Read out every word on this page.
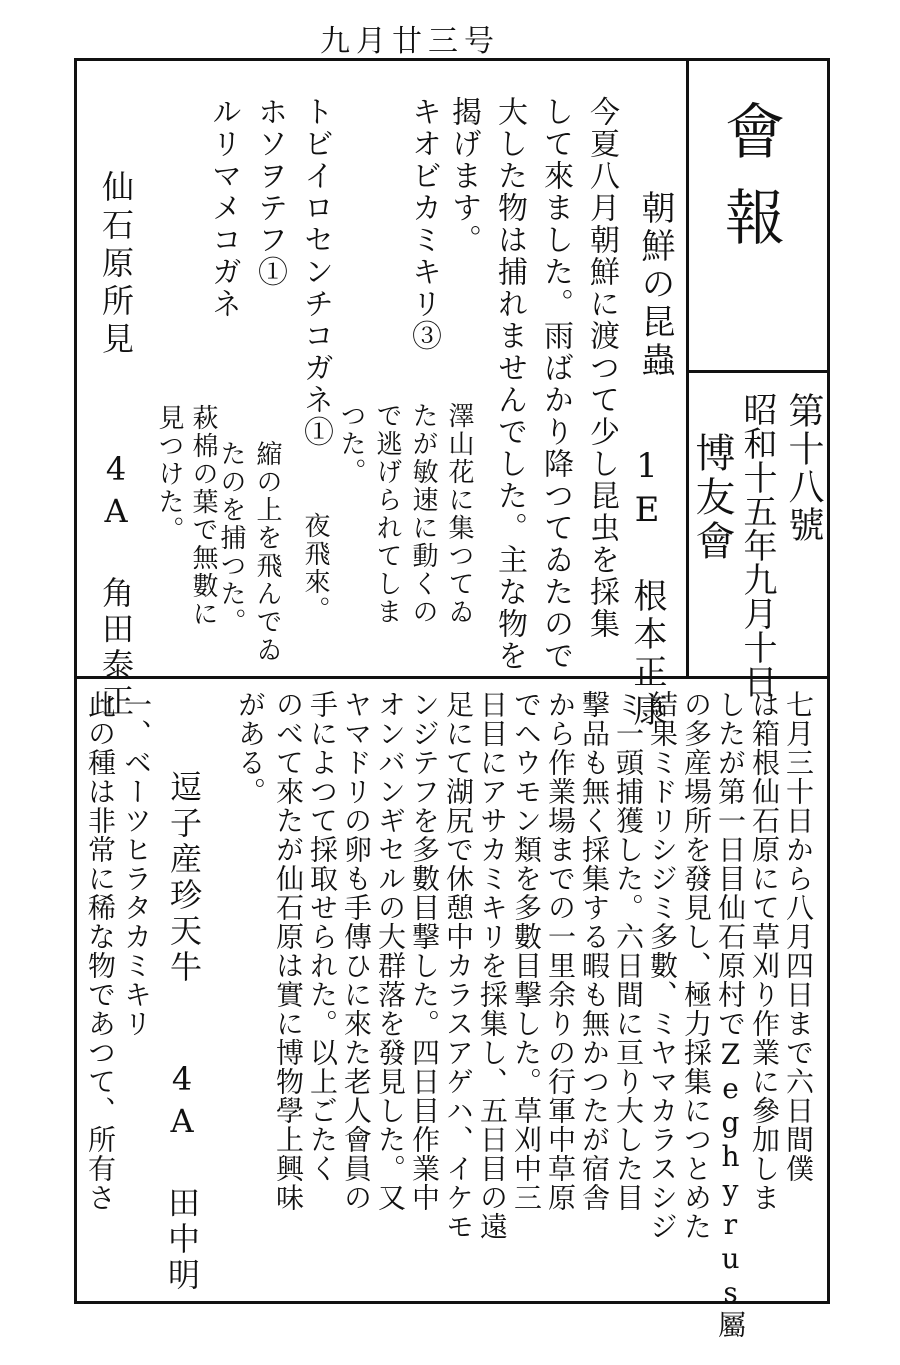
九月廿三号
會報
第十八號
昭和十五年九月十日
博友會
朝鮮の昆蟲
1E 根本正康
今夏八月朝鮮に渡つて少し昆虫を採集
して來ました。雨ばかり降つてゐたので
大した物は捕れませんでした。主な物を
揭げます。
キオビカミキリ③
トビイロセンチコガネ①
ホソヲテフ①
ルリマメコガネ
澤山花に集つてゐ
たが敏速に動くの
で逃げられてしま
つた。
夜飛來。
縮の上を飛んでゐ
たのを捕つた。
萩棉の葉で無數に
見つけた。
仙石原所見
4A 角田泰正
七月三十日から八月四日まで六日間僕
は箱根仙石原にて草刈り作業に參加しま
したが第一日目仙石原村でZeghyrus屬
の多産場所を發見し、極力採集につとめた
結果ミドリシジミ多數、ミヤマカラスシジ
ミ一頭捕獲した。六日間に亘り大した目
撃品も無く採集する暇も無かつたが宿舎
から作業場までの一里余りの行軍中草原
でヘウモン類を多數目撃した。草刈中三
日目にアサカミキリを採集し、五日目の遠
足にて湖尻で休憩中カラスアゲハ、イケモ
ンジテフを多數目撃した。四日目作業中
オンバンギセルの大群落を發見した。又
ヤマドリの卵も手傳ひに來た老人會員の
手によつて採取せられた。以上ごたく
のべて來たが仙石原は實に博物學上興味
がある。
逗子産珍天牛
4A 田中明
一、ベーツヒラタカミキリ
此の種は非常に稀な物であつて、所有さ
